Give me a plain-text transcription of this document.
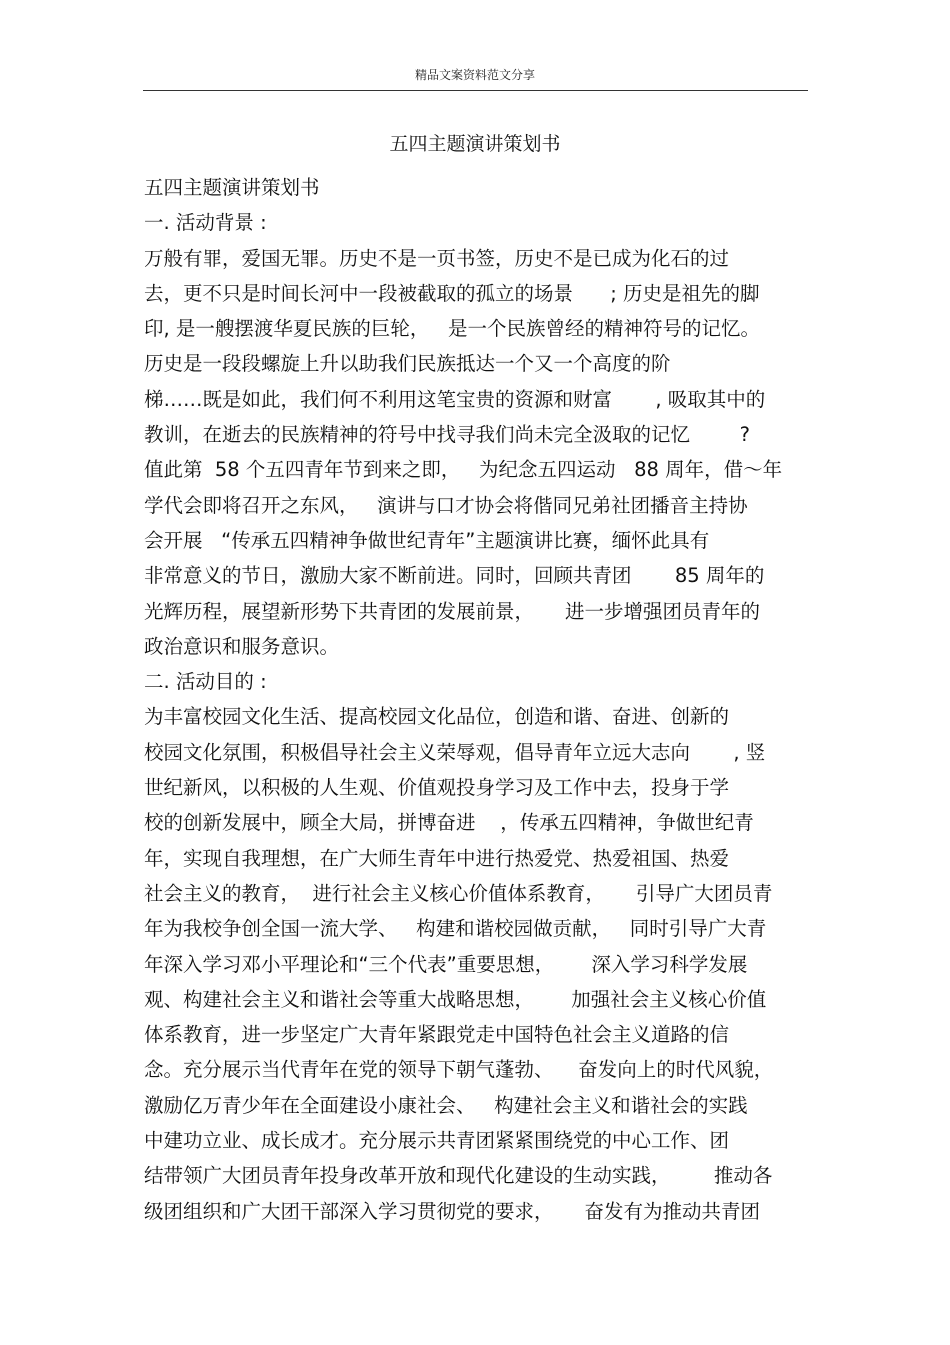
精品文案资料范文分享
五四主题演讲策划书
五四主题演讲策划书
一. 活动背景 :
万般有罪，爱国无罪。历史不是一页书签，历史不是已成为化石的过
去，更不只是时间长河中一段被截取的孤立的场景      ; 历史是祖先的脚
印, 是一艘摆渡华夏民族的巨轮，   是一个民族曾经的精神符号的记忆。
历史是一段段螺旋上升以助我们民族抵达一个又一个高度的阶
梯……既是如此，我们何不利用这笔宝贵的资源和财富       , 吸取其中的
教训，在逝去的民族精神的符号中找寻我们尚未完全汲取的记忆        ?
值此第  58 个五四青年节到来之即，   为纪念五四运动   88 周年，借～年
学代会即将召开之东风，   演讲与口才协会将偕同兄弟社团播音主持协
会开展   “传承五四精神争做世纪青年”主题演讲比赛，缅怀此具有
非常意义的节日，激励大家不断前进。同时，回顾共青团       85 周年的
光辉历程，展望新形势下共青团的发展前景，     进一步增强团员青年的
政治意识和服务意识。
二. 活动目的 :
为丰富校园文化生活、提高校园文化品位，创造和谐、奋进、创新的
校园文化氛围，积极倡导社会主义荣辱观，倡导青年立远大志向       , 竖
世纪新风，以积极的人生观、价值观投身学习及工作中去，投身于学
校的创新发展中，顾全大局，拼博奋进    ，传承五四精神，争做世纪青
年，实现自我理想，在广大师生青年中进行热爱党、热爱祖国、热爱
社会主义的教育，  进行社会主义核心价值体系教育，     引导广大团员青
年为我校争创全国一流大学、   构建和谐校园做贡献，   同时引导广大青
年深入学习邓小平理论和“三个代表”重要思想，      深入学习科学发展
观、构建社会主义和谐社会等重大战略思想，      加强社会主义核心价值
体系教育，进一步坚定广大青年紧跟党走中国特色社会主义道路的信
念。充分展示当代青年在党的领导下朝气蓬勃、    奋发向上的时代风貌，
激励亿万青少年在全面建设小康社会、   构建社会主义和谐社会的实践
中建功立业、成长成才。充分展示共青团紧紧围绕党的中心工作、团
结带领广大团员青年投身改革开放和现代化建设的生动实践，       推动各
级团组织和广大团干部深入学习贯彻党的要求，     奋发有为推动共青团
